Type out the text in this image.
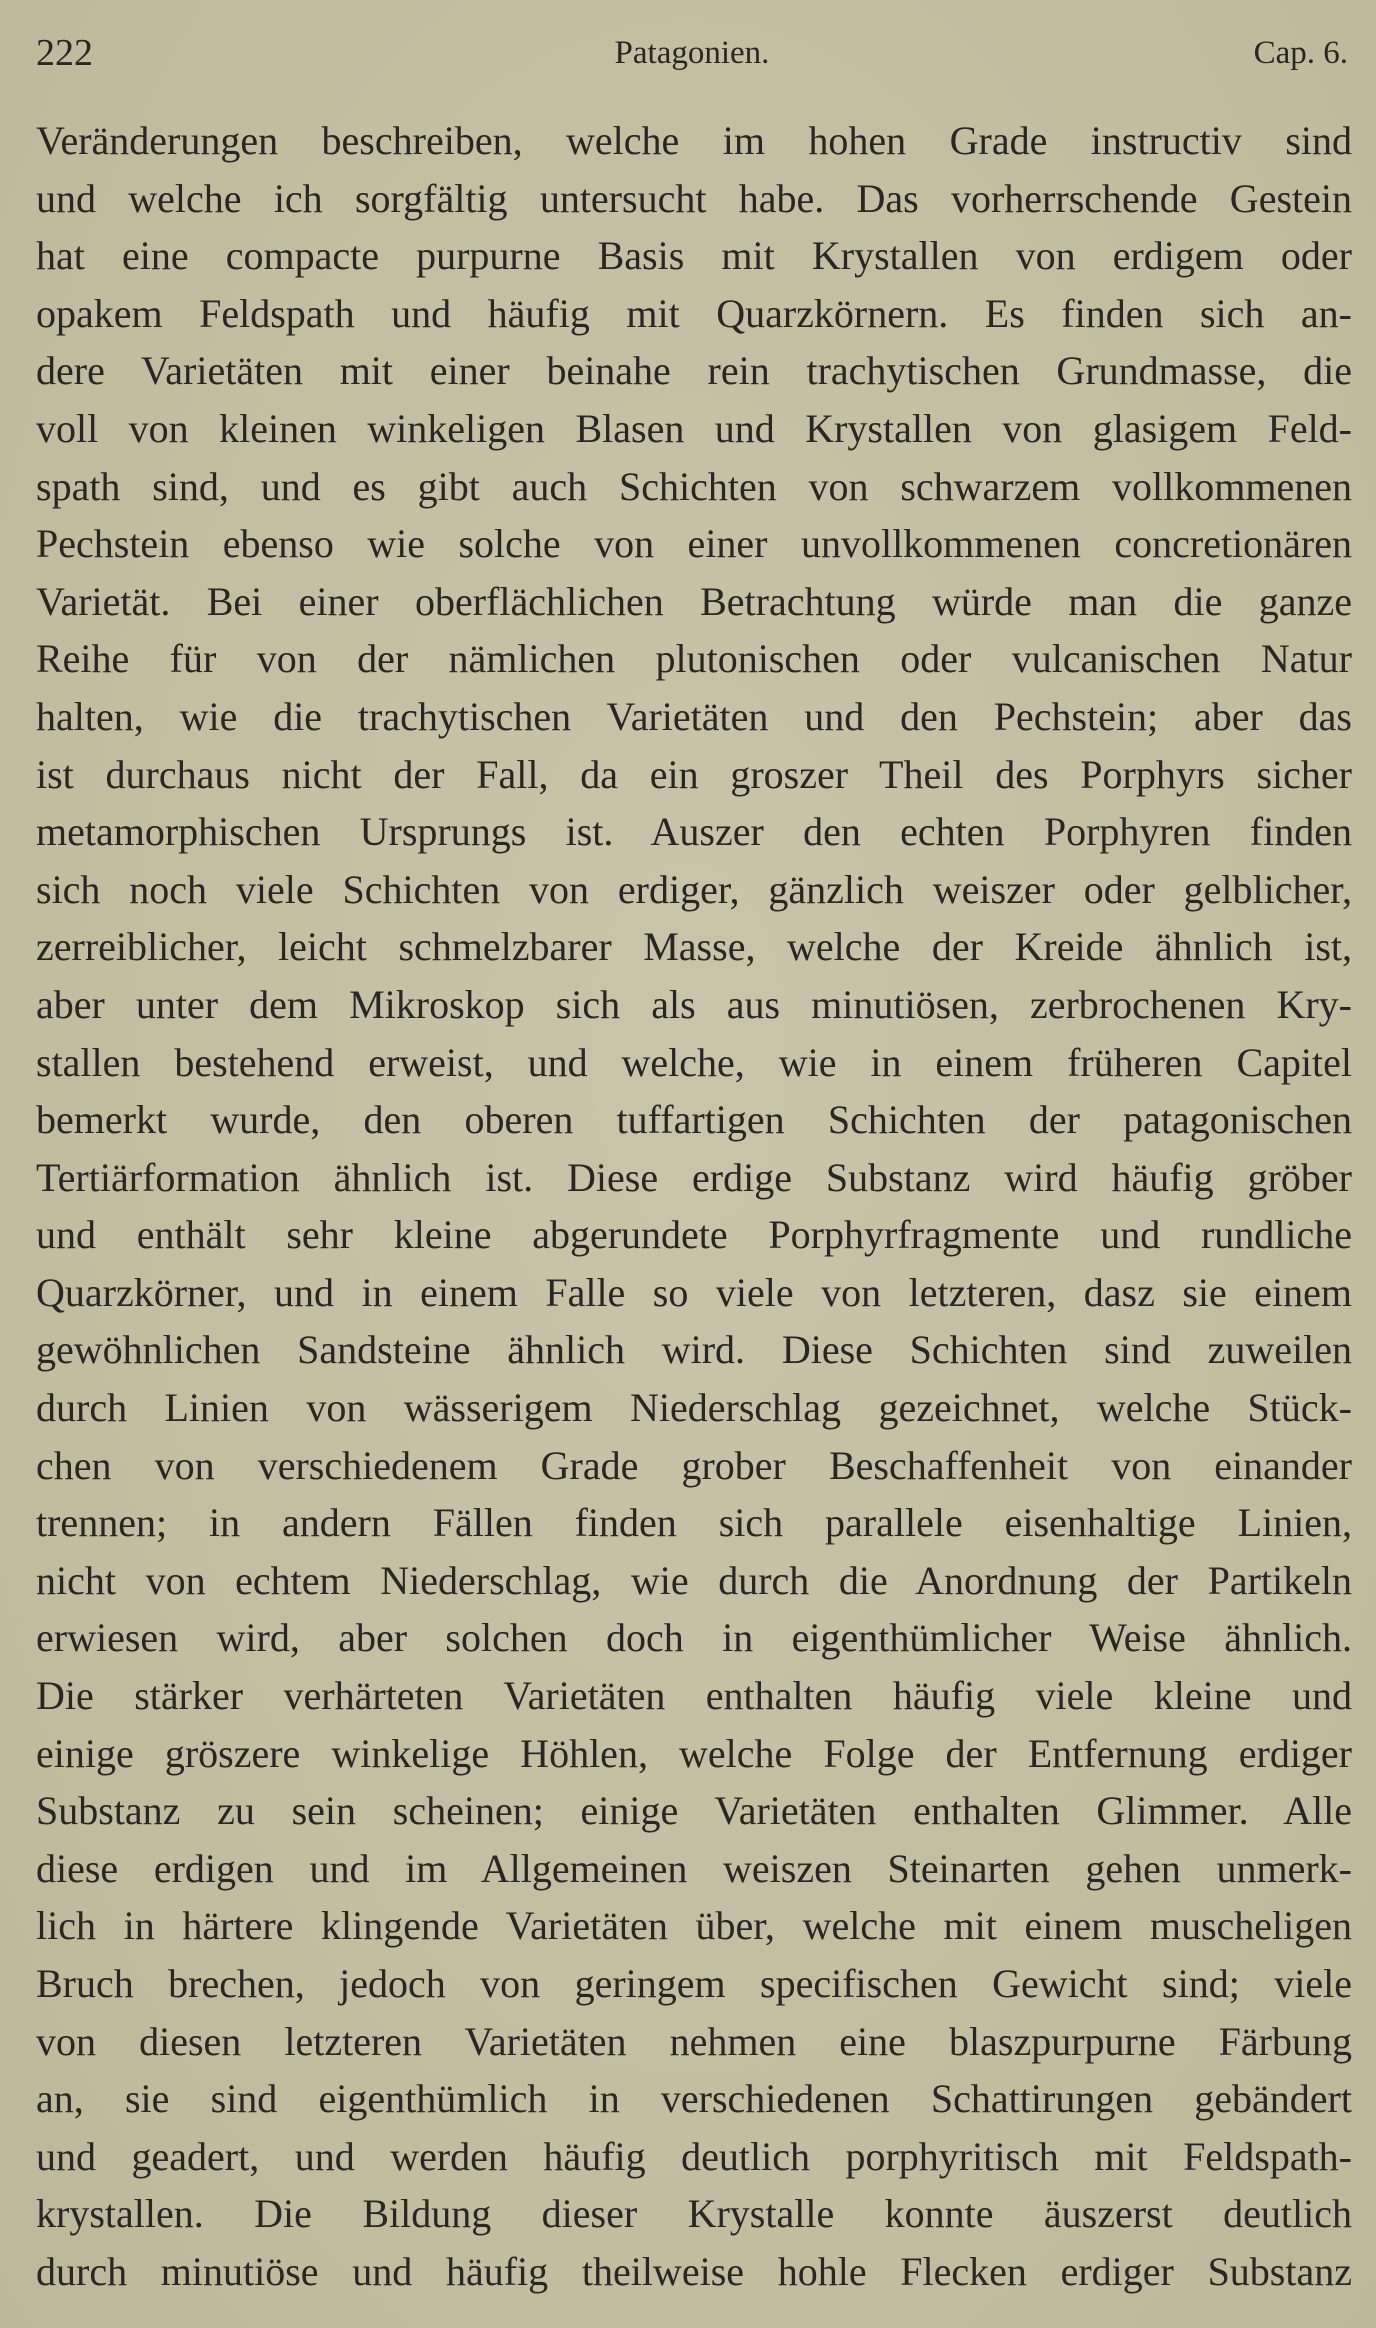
222	Patagonien.	Cap. 6.
Veränderungen beschreiben, welche im hohen Grade instructiv sind
und welche ich sorgfältig untersucht habe. Das vorherrschende Gestein
hat eine compacte purpurne Basis mit Krystallen von erdigem oder
opakem Feldspath und häufig mit Quarzkörnern. Es finden sich an-
dere Varietäten mit einer beinahe rein trachytischen Grundmasse, die
voll von kleinen winkeligen Blasen und Krystallen von glasigem Feld-
spath sind, und es gibt auch Schichten von schwarzem vollkommenen
Pechstein ebenso wie solche von einer unvollkommenen concretionären
Varietät. Bei einer oberflächlichen Betrachtung würde man die ganze
Reihe für von der nämlichen plutonischen oder vulcanischen Natur
halten, wie die trachytischen Varietäten und den Pechstein; aber das
ist durchaus nicht der Fall, da ein groszer Theil des Porphyrs sicher
metamorphischen Ursprungs ist. Auszer den echten Porphyren finden
sich noch viele Schichten von erdiger, gänzlich weiszer oder gelblicher,
zerreiblicher, leicht schmelzbarer Masse, welche der Kreide ähnlich ist,
aber unter dem Mikroskop sich als aus minutiösen, zerbrochenen Kry-
stallen bestehend erweist, und welche, wie in einem früheren Capitel
bemerkt wurde, den oberen tuffartigen Schichten der patagonischen
Tertiärformation ähnlich ist. Diese erdige Substanz wird häufig gröber
und enthält sehr kleine abgerundete Porphyrfragmente und rundliche
Quarzkörner, und in einem Falle so viele von letzteren, dasz sie einem
gewöhnlichen Sandsteine ähnlich wird. Diese Schichten sind zuweilen
durch Linien von wässerigem Niederschlag gezeichnet, welche Stück-
chen von verschiedenem Grade grober Beschaffenheit von einander
trennen; in andern Fällen finden sich parallele eisenhaltige Linien,
nicht von echtem Niederschlag, wie durch die Anordnung der Partikeln
erwiesen wird, aber solchen doch in eigenthümlicher Weise ähnlich.
Die stärker verhärteten Varietäten enthalten häufig viele kleine und
einige gröszere winkelige Höhlen, welche Folge der Entfernung erdiger
Substanz zu sein scheinen; einige Varietäten enthalten Glimmer. Alle
diese erdigen und im Allgemeinen weiszen Steinarten gehen unmerk-
lich in härtere klingende Varietäten über, welche mit einem muscheligen
Bruch brechen, jedoch von geringem specifischen Gewicht sind; viele
von diesen letzteren Varietäten nehmen eine blaszpurpurne Färbung
an, sie sind eigenthümlich in verschiedenen Schattirungen gebändert
und geadert, und werden häufig deutlich porphyritisch mit Feldspath-
krystallen. Die Bildung dieser Krystalle konnte äuszerst deutlich
durch minutiöse und häufig theilweise hohle Flecken erdiger Substanz
